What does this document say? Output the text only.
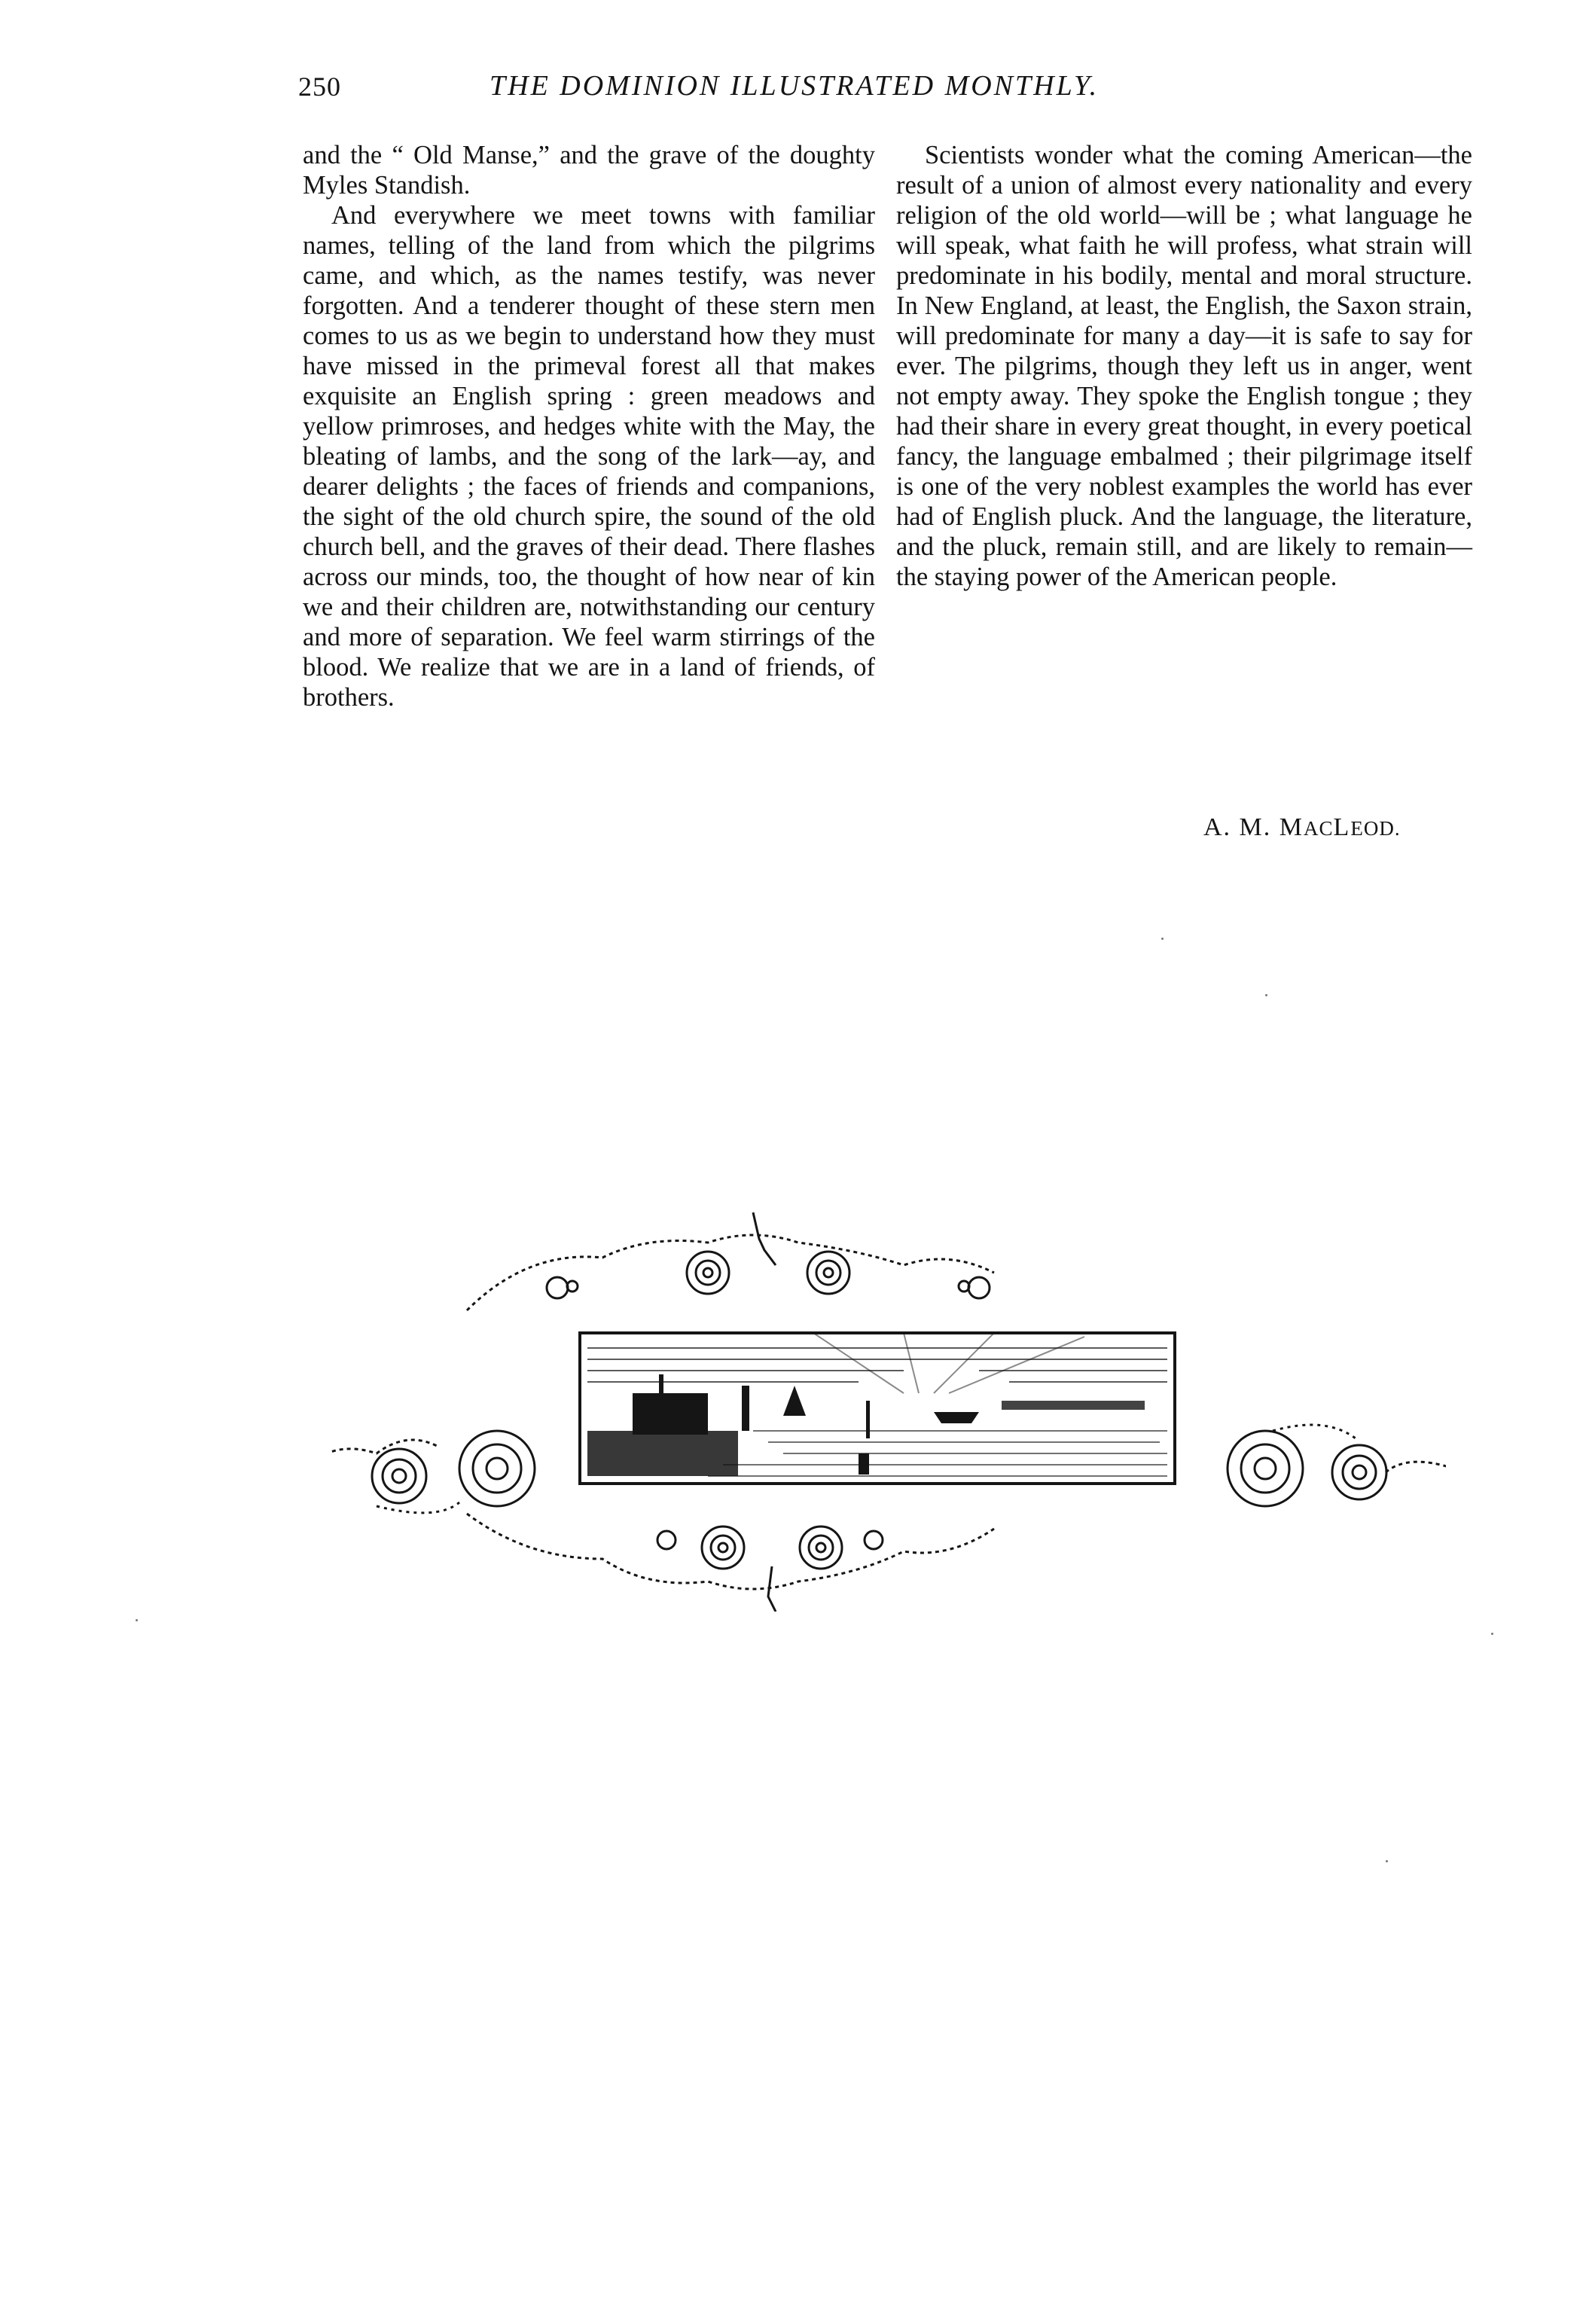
250	THE DOMINION ILLUSTRATED MONTHLY.

and the “ Old Manse,” and the grave of the doughty Myles Standish.

And everywhere we meet towns with familiar names, telling of the land from which the pilgrims came, and which, as the names testify, was never forgotten. And a tenderer thought of these stern men comes to us as we begin to understand how they must have missed in the primeval forest all that makes exquisite an English spring : green meadows and yellow primroses, and hedges white with the May, the bleating of lambs, and the song of the lark—ay, and dearer delights ; the faces of friends and companions, the sight of the old church spire, the sound of the old church bell, and the graves of their dead. There flashes across our minds, too, the thought of how near of kin we and their children are, notwithstanding our century and more of separation. We feel warm stirrings of the blood. We realize that we are in a land of friends, of brothers.

Scientists wonder what the coming American—the result of a union of almost every nationality and every religion of the old world—will be ; what language he will speak, what faith he will profess, what strain will predominate in his bodily, mental and moral structure. In New England, at least, the English, the Saxon strain, will predominate for many a day—it is safe to say for ever. The pilgrims, though they left us in anger, went not empty away. They spoke the English tongue ; they had their share in every great thought, in every poetical fancy, the language embalmed ; their pilgrimage itself is one of the very noblest examples the world has ever had of English pluck. And the language, the literature, and the pluck, remain still, and are likely to remain—the staying power of the American people.

A. M. MACLEOD.
